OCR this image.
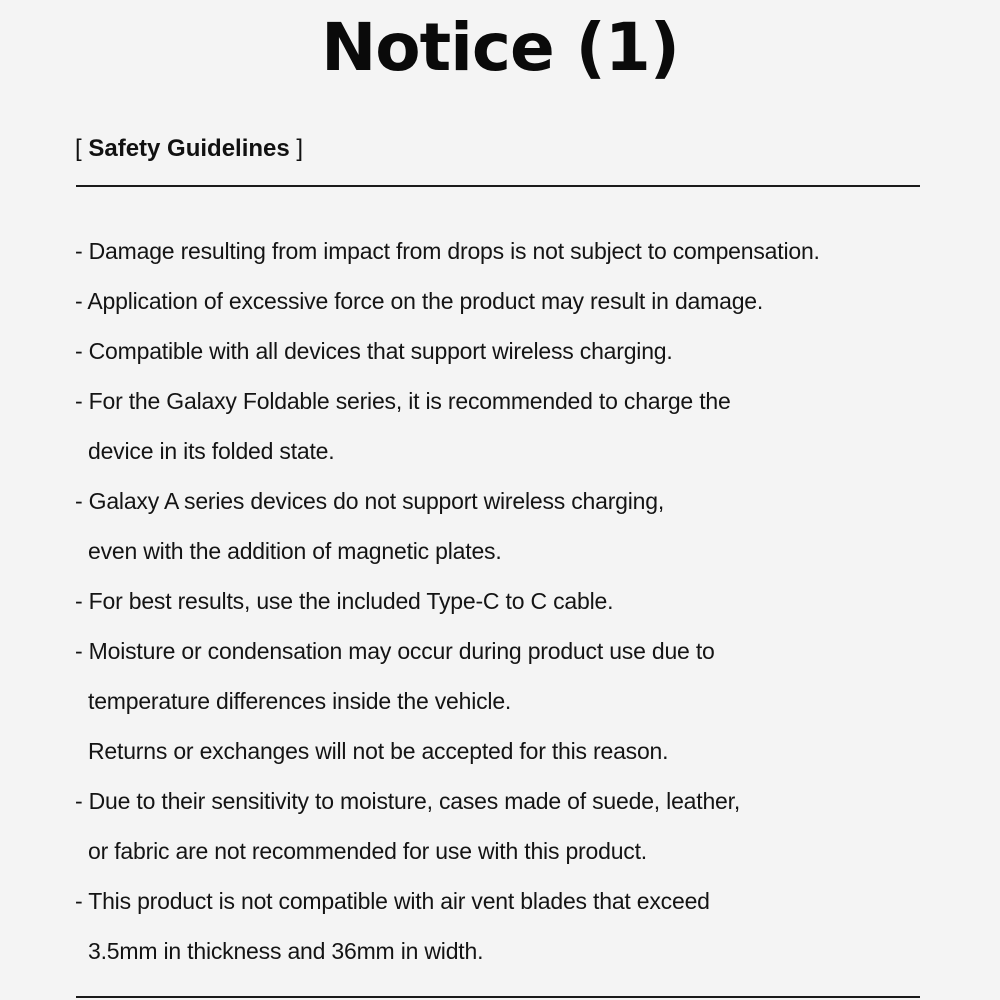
Notice (1)
[ Safety Guidelines ]
- Damage resulting from impact from drops is not subject to compensation.
- Application of excessive force on the product may result in damage.
- Compatible with all devices that support wireless charging.
- For the Galaxy Foldable series, it is recommended to charge the
device in its folded state.
- Galaxy A series devices do not support wireless charging,
even with the addition of magnetic plates.
- For best results, use the included Type-C to C cable.
- Moisture or condensation may occur during product use due to
temperature differences inside the vehicle.
Returns or exchanges will not be accepted for this reason.
- Due to their sensitivity to moisture, cases made of suede, leather,
or fabric are not recommended for use with this product.
- This product is not compatible with air vent blades that exceed
3.5mm in thickness and 36mm in width.
